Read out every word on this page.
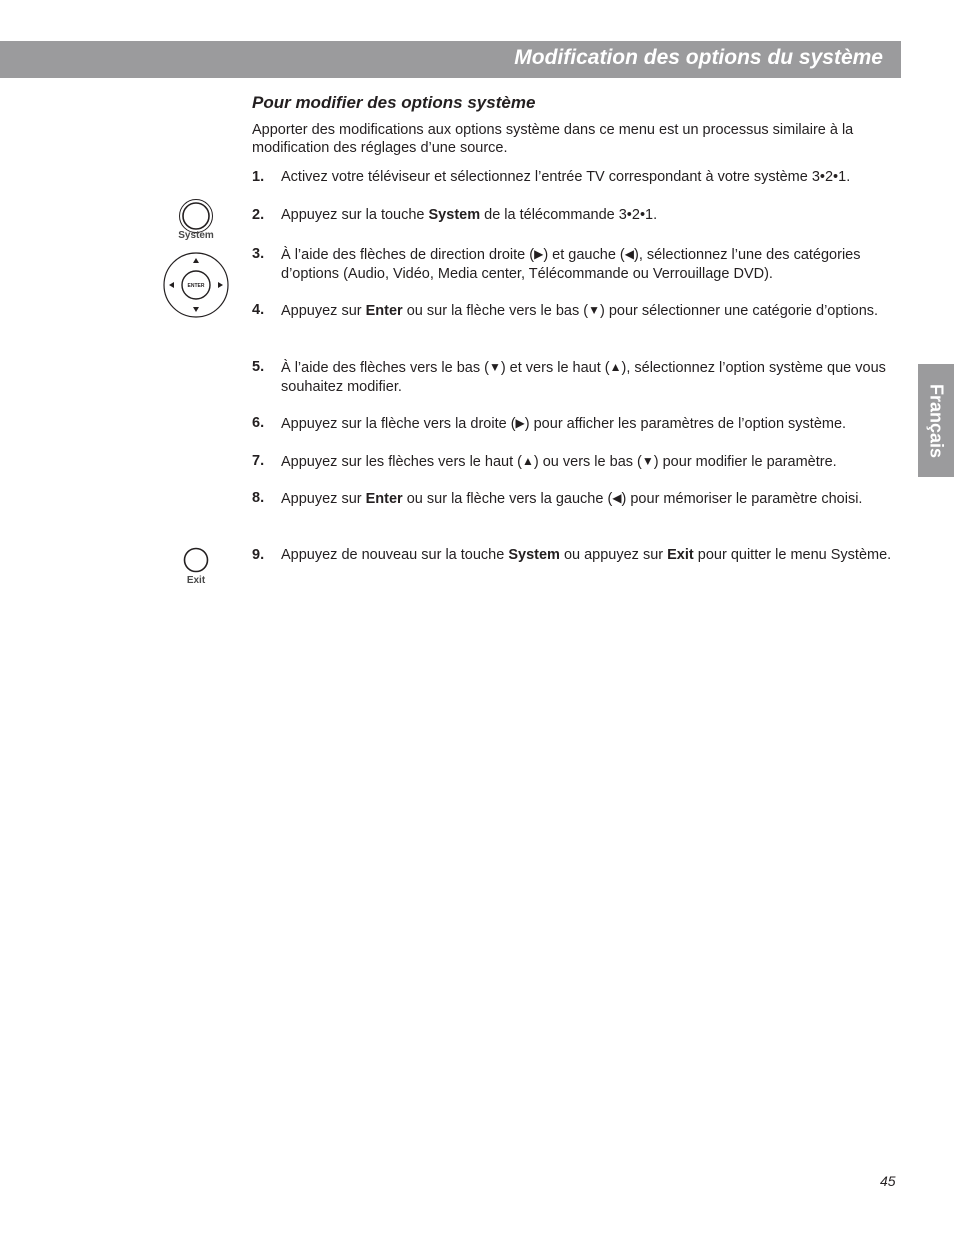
Modification des options du système
Français
Pour modifier des options système

Apporter des modifications aux options système dans ce menu est un processus similaire à la modification des réglages d’une source.

System
ENTER
Exit
1. Activez votre téléviseur et sélectionnez l’entrée TV correspondant à votre système 3•2•1.
2. Appuyez sur la touche System de la télécommande 3•2•1.
3. À l’aide des flèches de direction droite (▶) et gauche (◀), sélectionnez l’une des catégories d’options (Audio, Vidéo, Media center, Télécommande ou Verrouillage DVD).
4. Appuyez sur Enter ou sur la flèche vers le bas (▼) pour sélectionner une catégorie d’options.
5. À l’aide des flèches vers le bas (▼) et vers le haut (▲), sélectionnez l’option système que vous souhaitez modifier.
6. Appuyez sur la flèche vers la droite (▶) pour afficher les paramètres de l’option système.
7. Appuyez sur les flèches vers le haut (▲) ou vers le bas (▼) pour modifier le paramètre.
8. Appuyez sur Enter ou sur la flèche vers la gauche (◀) pour mémoriser le paramètre choisi.
9. Appuyez de nouveau sur la touche System ou appuyez sur Exit pour quitter le menu Système.
45
